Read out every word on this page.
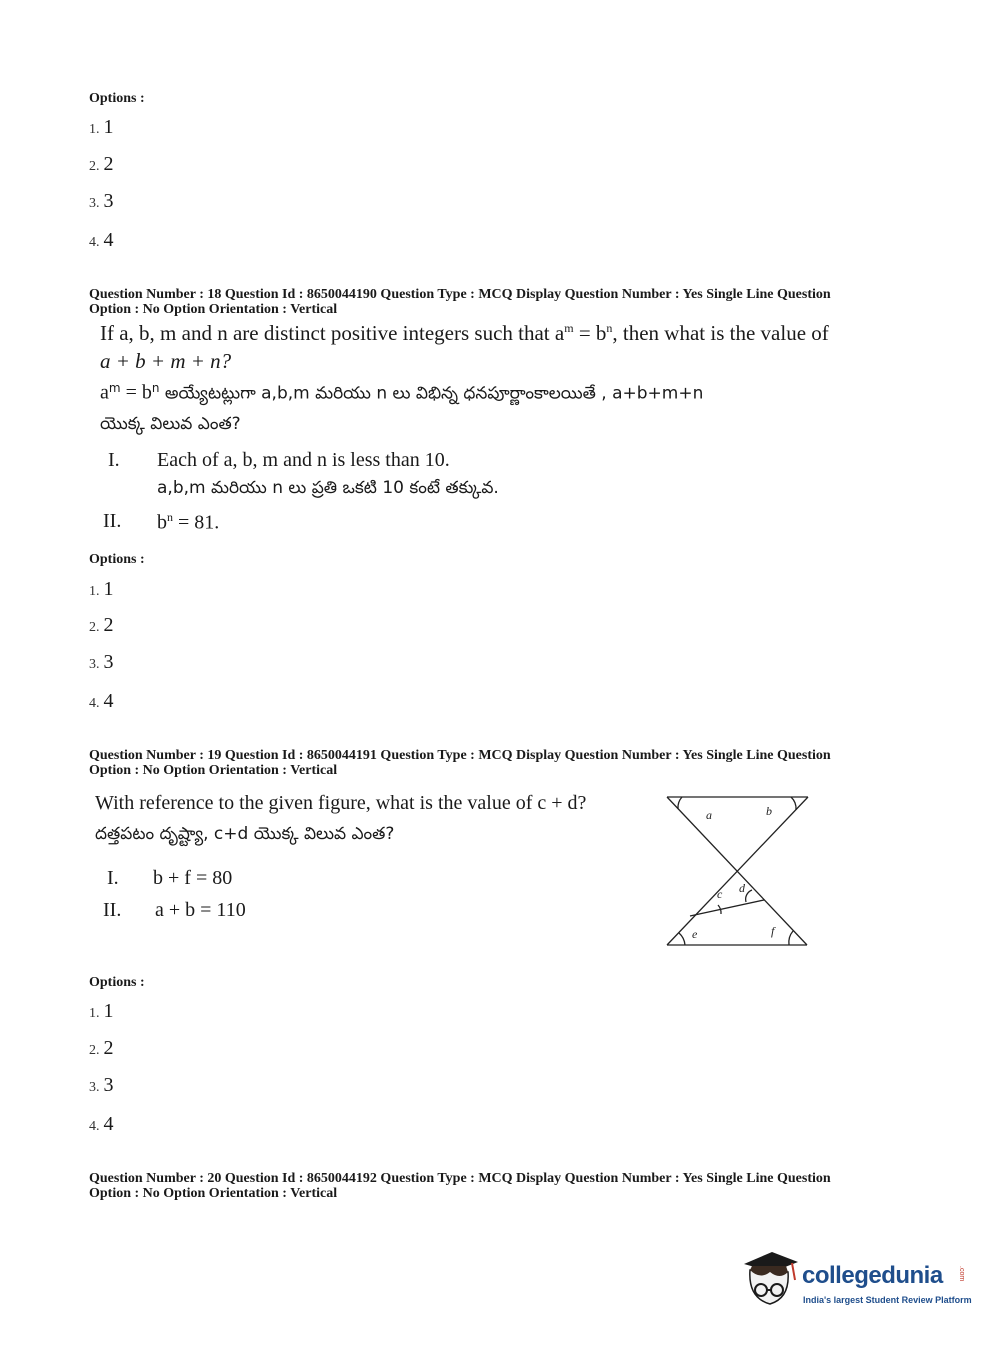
Options :
1. 1
2. 2
3. 3
4. 4
Question Number : 18 Question Id : 8650044190 Question Type : MCQ Display Question Number : Yes Single Line Question
Option : No Option Orientation : Vertical
If a, b, m and n are distinct positive integers such that $a^m = b^n$, then what is the value of
a + b + m + n?
$a^m = b^n$ అయ్యేటట్లుగా a,b,m మరియు n లు విభిన్న ధనపూర్ణాంకాలయితే , a+b+m+n
యొక్క విలువ ఎంత?
I. Each of a, b, m and n is less than 10.
a,b,m మరియు n లు ప్రతి ఒకటి 10 కంటే తక్కువ.
II. $b^n = 81$.
Options :
1. 1
2. 2
3. 3
4. 4
Question Number : 19 Question Id : 8650044191 Question Type : MCQ Display Question Number : Yes Single Line Question
Option : No Option Orientation : Vertical
With reference to the given figure, what is the value of c + d?
దత్తపటం దృష్ట్యా, c+d యొక్క విలువ ఎంత?
I. b + f = 80
II. a + b = 110
a	b
c d
e	f
Options :
1. 1
2. 2
3. 3
4. 4
Question Number : 20 Question Id : 8650044192 Question Type : MCQ Display Question Number : Yes Single Line Question
Option : No Option Orientation : Vertical
collegedunia .com
India's largest Student Review Platform
